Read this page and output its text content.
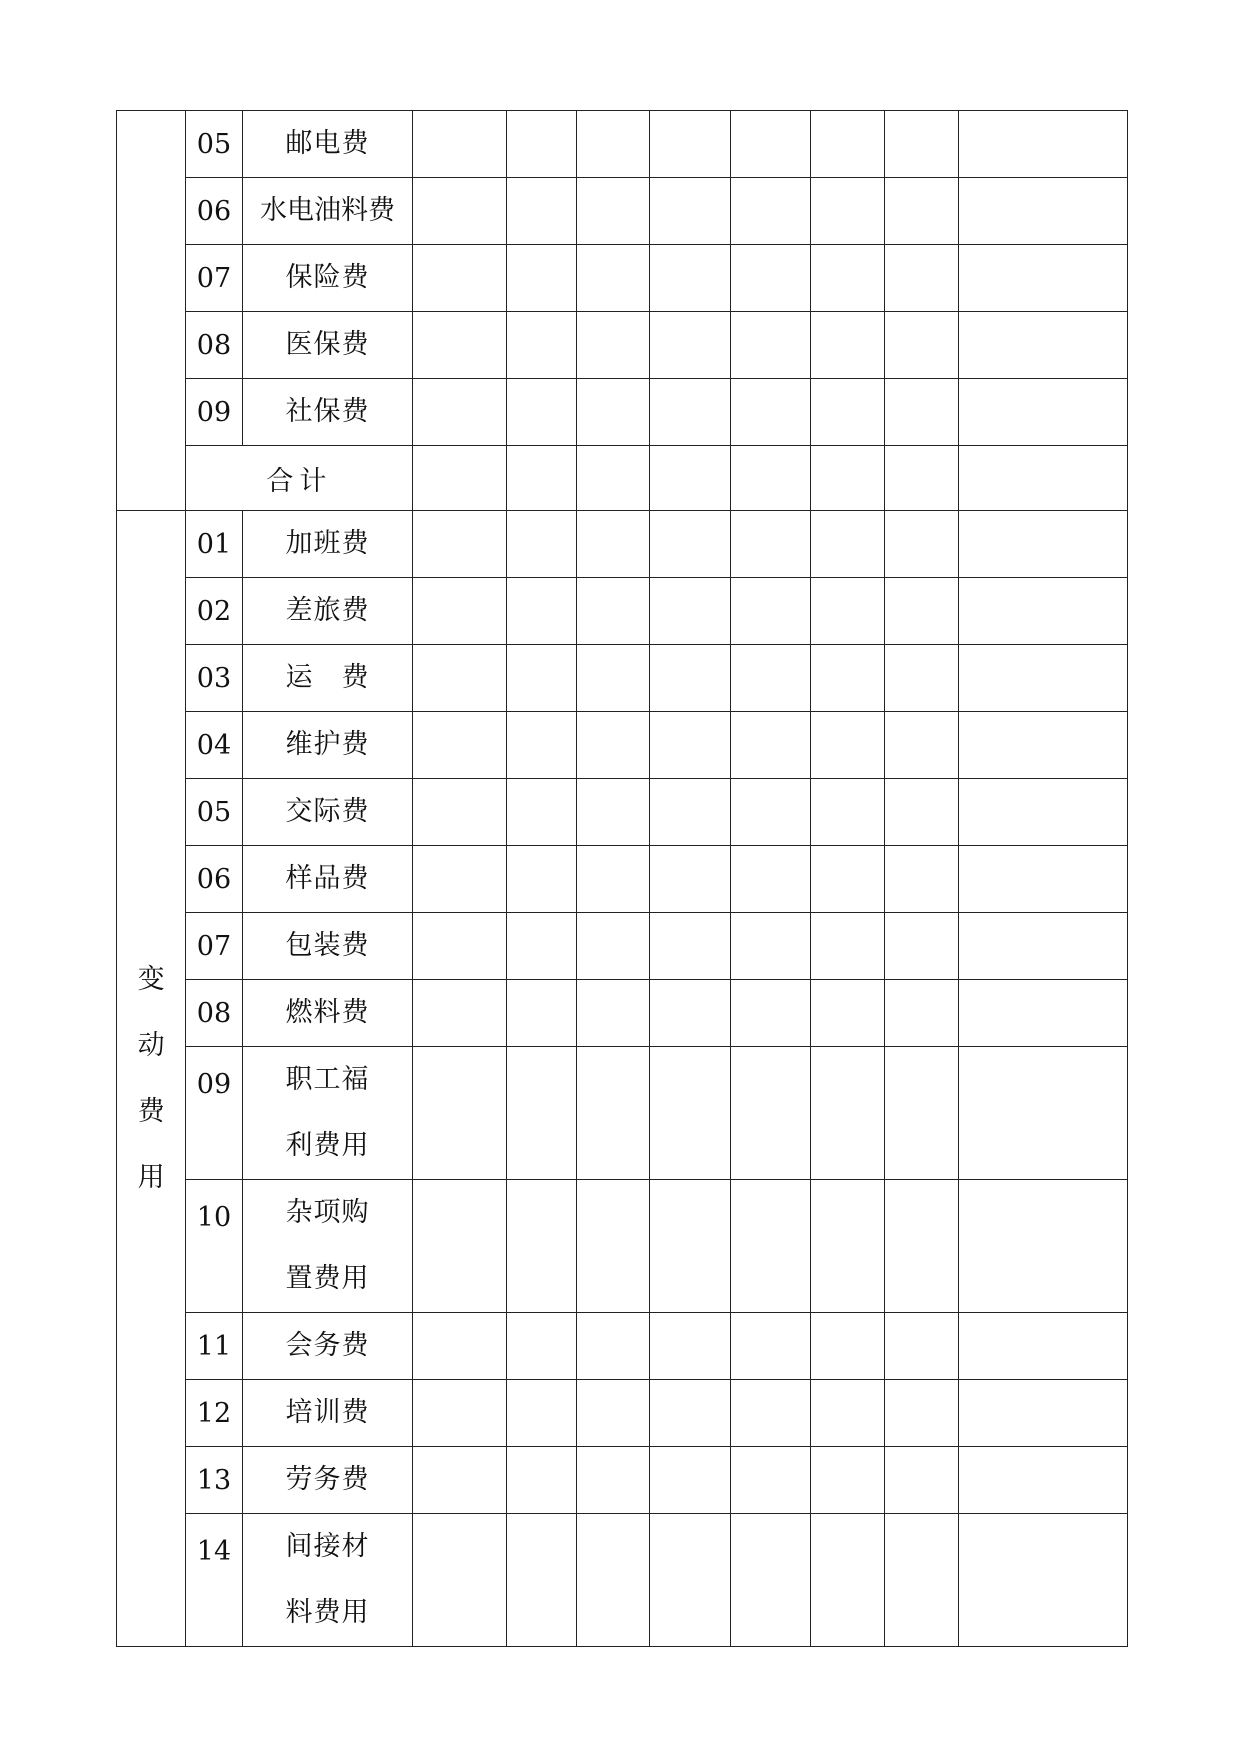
	05	邮电费								
	06	水电油料费								
	07	保险费								
	08	医保费								
	09	社保费								
	合计									
变动费用	01	加班费								
	02	差旅费								
	03	运　费								
	04	维护费								
	05	交际费								
	06	样品费								
	07	包装费								
	08	燃料费								
	09	职工福利费用								
	10	杂项购置费用								
	11	会务费								
	12	培训费								
	13	劳务费								
	14	间接材料费用								
